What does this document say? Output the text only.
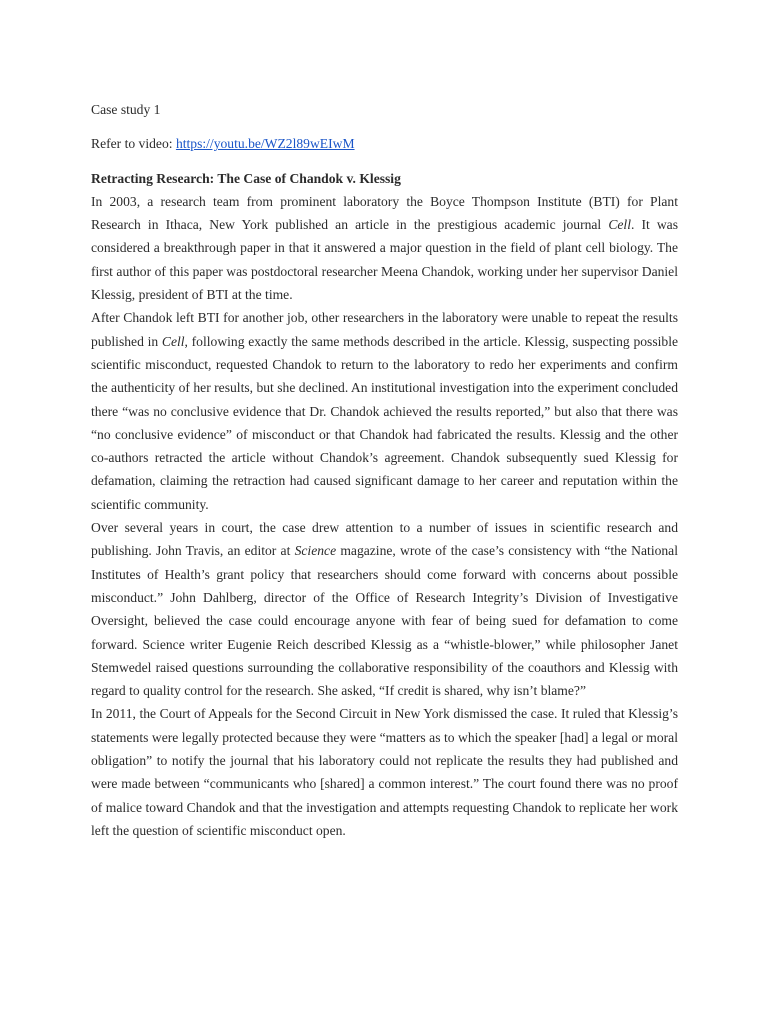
Case study 1

Refer to video: https://youtu.be/WZ2l89wEIwM

Retracting Research: The Case of Chandok v. Klessig

In 2003, a research team from prominent laboratory the Boyce Thompson Institute (BTI) for Plant Research in Ithaca, New York published an article in the prestigious academic journal Cell. It was considered a breakthrough paper in that it answered a major question in the field of plant cell biology. The first author of this paper was postdoctoral researcher Meena Chandok, working under her supervisor Daniel Klessig, president of BTI at the time.

After Chandok left BTI for another job, other researchers in the laboratory were unable to repeat the results published in Cell, following exactly the same methods described in the article. Klessig, suspecting possible scientific misconduct, requested Chandok to return to the laboratory to redo her experiments and confirm the authenticity of her results, but she declined. An institutional investigation into the experiment concluded there “was no conclusive evidence that Dr. Chandok achieved the results reported,” but also that there was “no conclusive evidence” of misconduct or that Chandok had fabricated the results. Klessig and the other co-authors retracted the article without Chandok’s agreement. Chandok subsequently sued Klessig for defamation, claiming the retraction had caused significant damage to her career and reputation within the scientific community.

Over several years in court, the case drew attention to a number of issues in scientific research and publishing. John Travis, an editor at Science magazine, wrote of the case’s consistency with “the National Institutes of Health’s grant policy that researchers should come forward with concerns about possible misconduct.” John Dahlberg, director of the Office of Research Integrity’s Division of Investigative Oversight, believed the case could encourage anyone with fear of being sued for defamation to come forward. Science writer Eugenie Reich described Klessig as a “whistle-blower,” while philosopher Janet Stemwedel raised questions surrounding the collaborative responsibility of the coauthors and Klessig with regard to quality control for the research. She asked, “If credit is shared, why isn’t blame?”

In 2011, the Court of Appeals for the Second Circuit in New York dismissed the case. It ruled that Klessig’s statements were legally protected because they were “matters as to which the speaker [had] a legal or moral obligation” to notify the journal that his laboratory could not replicate the results they had published and were made between “communicants who [shared] a common interest.” The court found there was no proof of malice toward Chandok and that the investigation and attempts requesting Chandok to replicate her work left the question of scientific misconduct open.
